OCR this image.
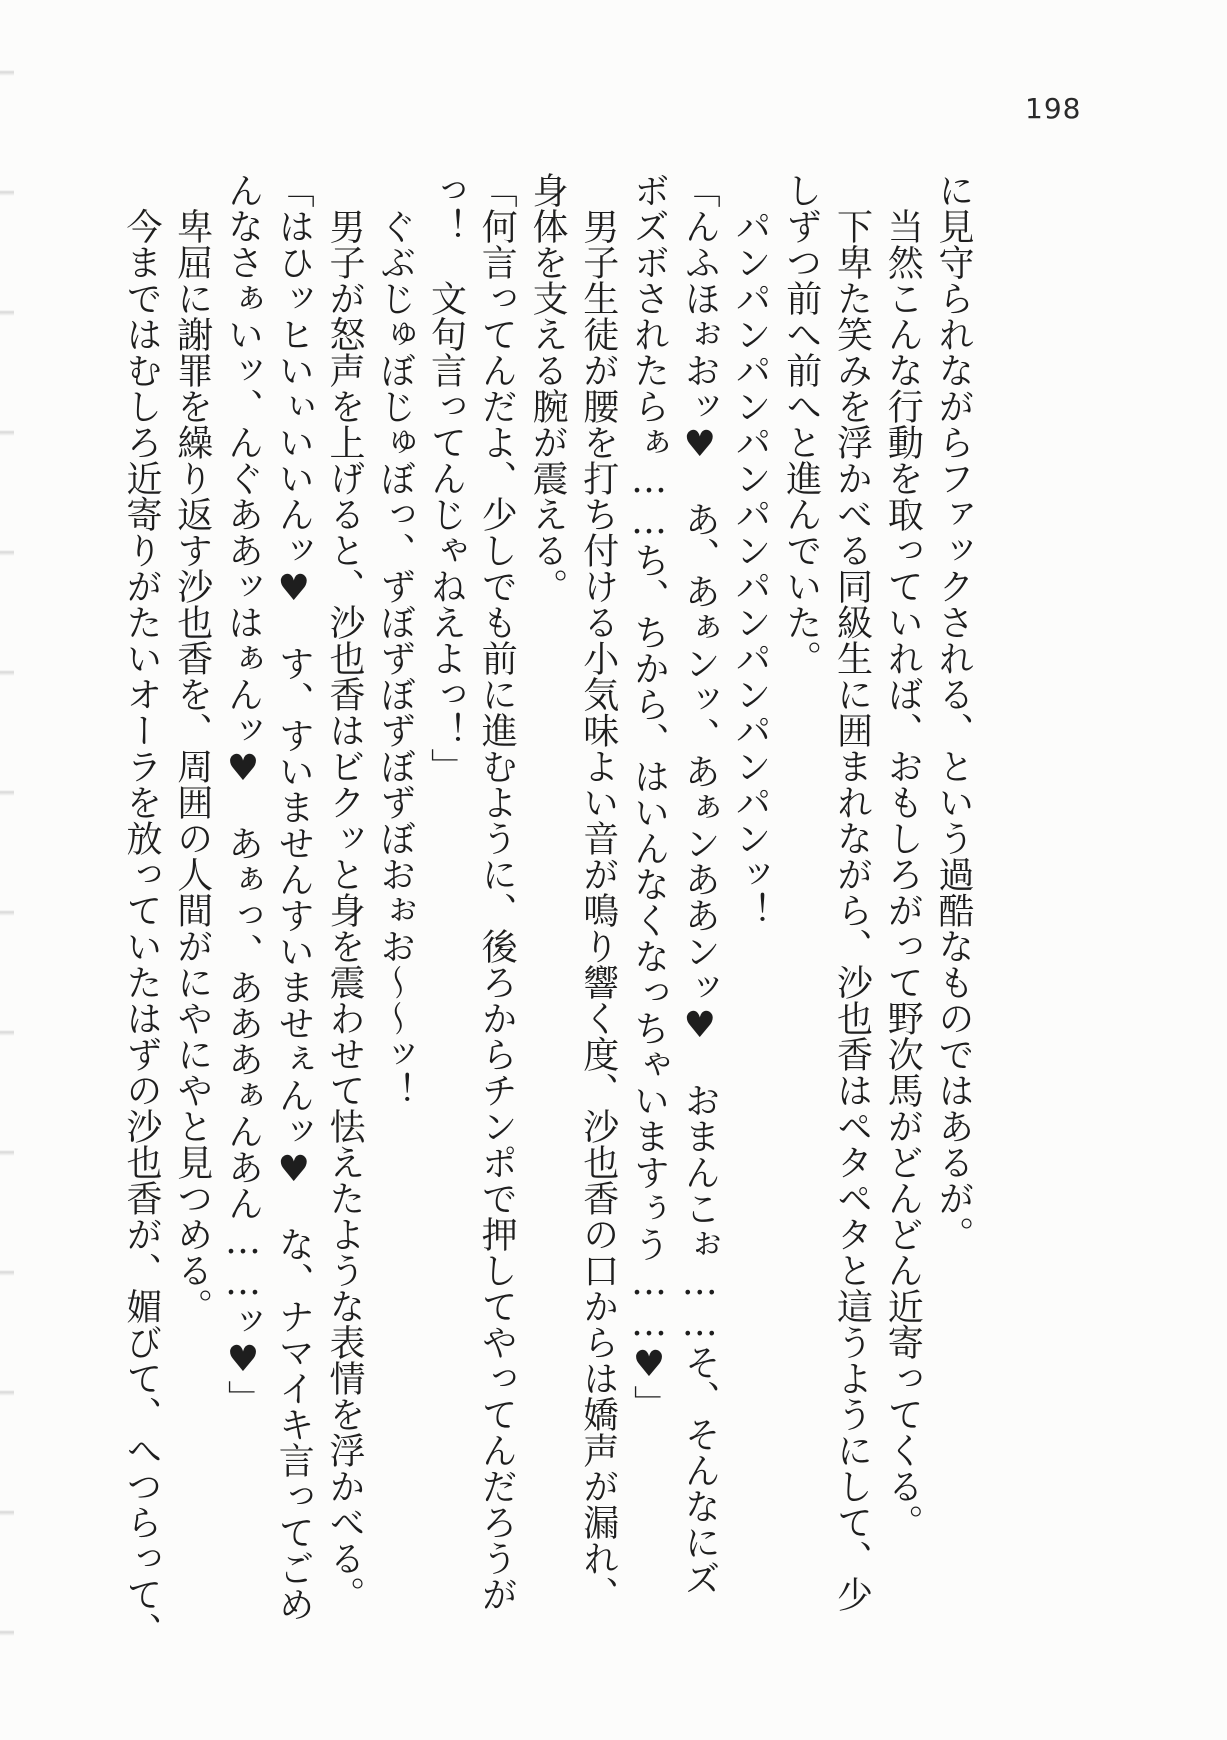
198
に見守られながらファックされる、という過酷なものではあるが。
　当然こんな行動を取っていれば、おもしろがって野次馬がどんどん近寄ってくる。
　下卑た笑みを浮かべる同級生に囲まれながら、沙也香はペタペタと這うようにして、少
しずつ前へ前へと進んでいた。
　パンパンパンパンパンパンパンパンパンッ！
「んふほぉおッ♥　あ、あぁンッ、あぁンああンッ♥　おまんこぉ……そ、そんなにズ
ボズボされたらぁ……ち、ちから、はいんなくなっちゃいますぅう……♥」
　男子生徒が腰を打ち付ける小気味よい音が鳴り響く度、沙也香の口からは嬌声が漏れ、
身体を支える腕が震える。
「何言ってんだよ、少しでも前に進むように、後ろからチンポで押してやってんだろうが
っ！　文句言ってんじゃねえよっ！」
　ぐぶじゅぼじゅぼっ、ずぼずぼずぼずぼおぉお～～ッ！
　男子が怒声を上げると、沙也香はビクッと身を震わせて怯えたような表情を浮かべる。
「はひッヒいぃいいんッ♥　す、すいませんすいませぇんッ♥　な、ナマイキ言ってごめ
んなさぁいッ、んぐああッはぁんッ♥　あぁっ、あああぁんあん……ッ♥」
　卑屈に謝罪を繰り返す沙也香を、周囲の人間がにやにやと見つめる。
　今まではむしろ近寄りがたいオーラを放っていたはずの沙也香が、媚びて、へつらって、
